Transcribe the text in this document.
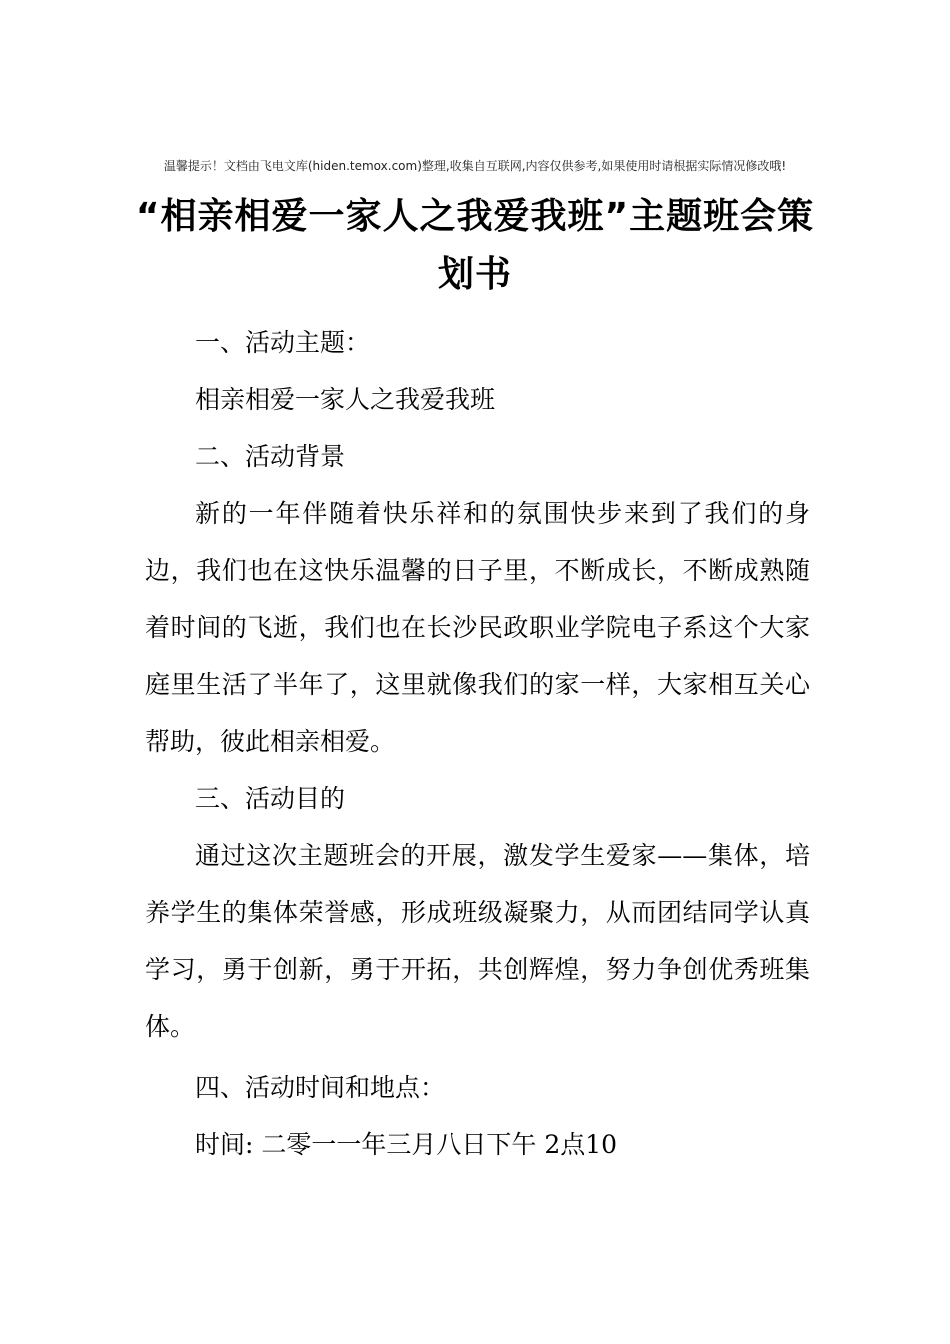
温馨提示！文档由飞电文库(hiden.temox.com)整理,收集自互联网,内容仅供参考,如果使用时请根据实际情况修改哦!
“相亲相爱一家人之我爱我班”主题班会策划书

一、活动主题：

相亲相爱一家人之我爱我班

二、活动背景

新的一年伴随着快乐祥和的氛围快步来到了我们的身边，我们也在这快乐温馨的日子里，不断成长，不断成熟随着时间的飞逝，我们也在长沙民政职业学院电子系这个大家庭里生活了半年了，这里就像我们的家一样，大家相互关心帮助，彼此相亲相爱。

三、活动目的

通过这次主题班会的开展，激发学生爱家——集体，培养学生的集体荣誉感，形成班级凝聚力，从而团结同学认真学习，勇于创新，勇于开拓，共创辉煌，努力争创优秀班集体。

四、活动时间和地点：

时间: 二零一一年三月八日下午 2点10
